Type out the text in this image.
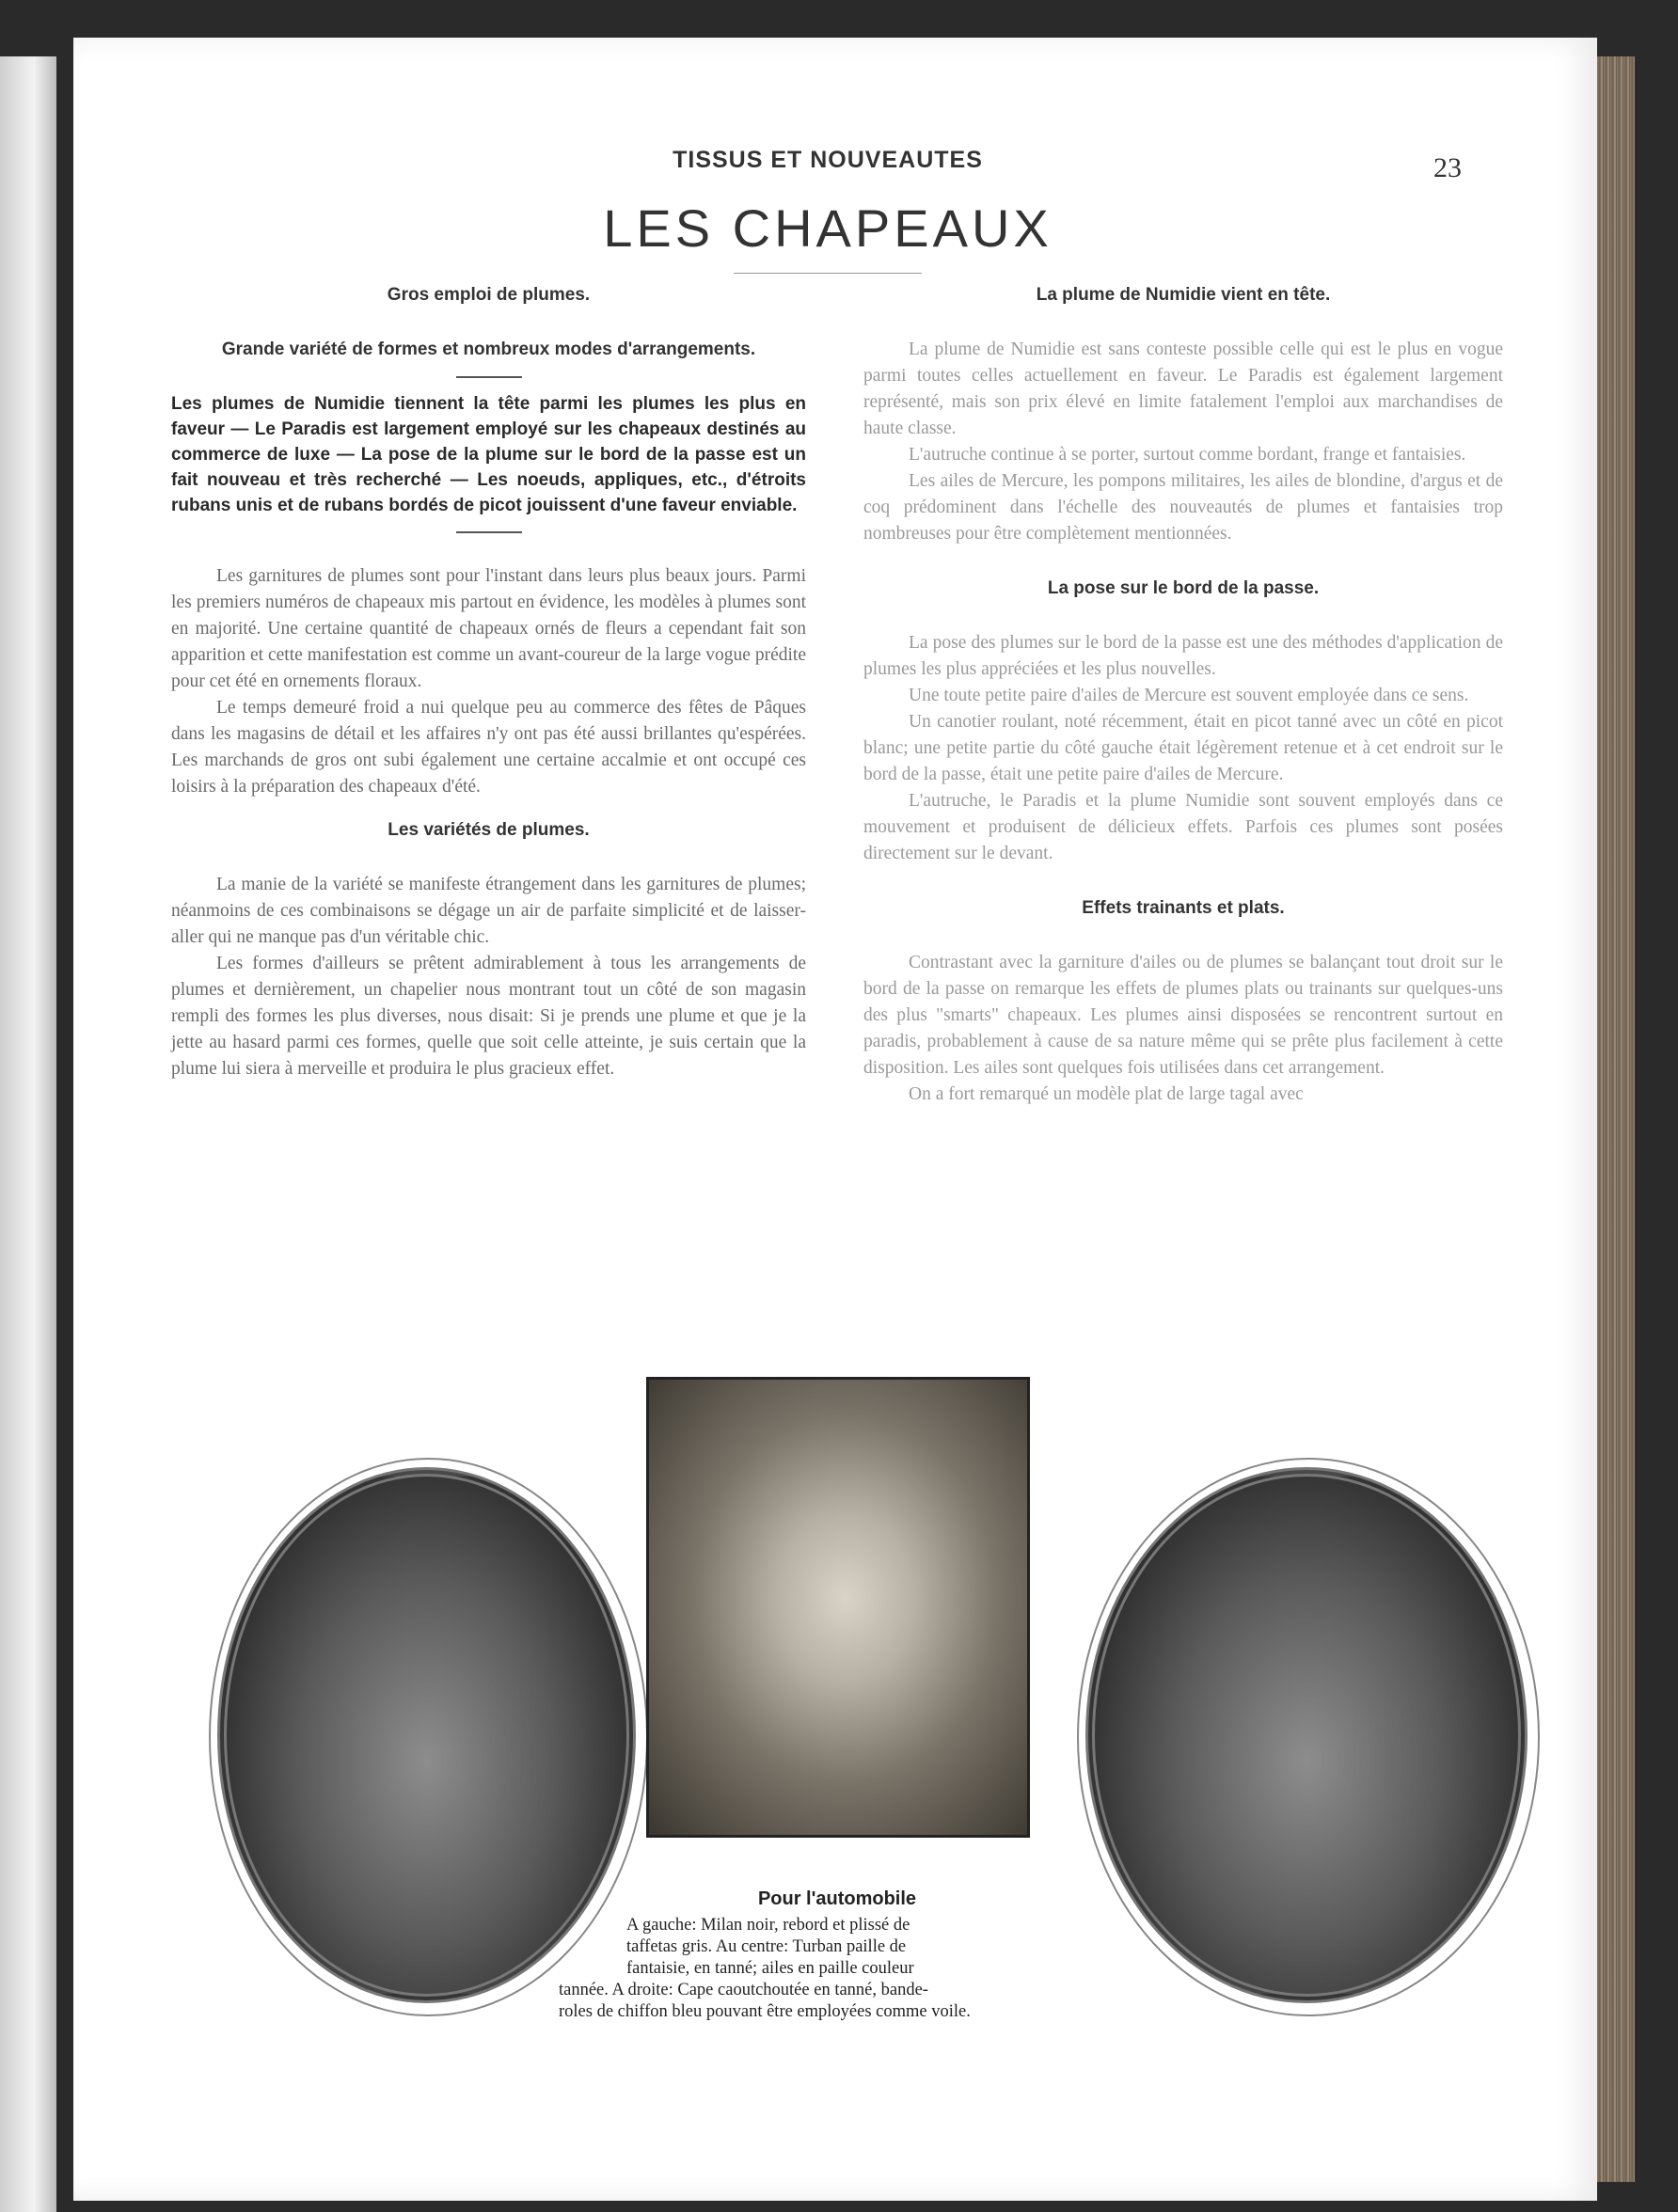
TISSUS ET NOUVEAUTES	23
LES CHAPEAUX

Gros emploi de plumes.

Grande variété de formes et nombreux modes d'arrangements.

Les plumes de Numidie tiennent la tête parmi les plumes les plus en faveur — Le Paradis est largement employé sur les chapeaux destinés au commerce de luxe — La pose de la plume sur le bord de la passe est un fait nouveau et très recherché — Les noeuds, appliques, etc., d'étroits rubans unis et de rubans bordés de picot jouissent d'une faveur enviable.

Les garnitures de plumes sont pour l'instant dans leurs plus beaux jours. Parmi les premiers numéros de chapeaux mis partout en évidence, les modèles à plumes sont en majorité. Une certaine quantité de chapeaux ornés de fleurs a cependant fait son apparition et cette manifestation est comme un avant-coureur de la large vogue prédite pour cet été en ornements floraux.

Le temps demeuré froid a nui quelque peu au commerce des fêtes de Pâques dans les magasins de détail et les affaires n'y ont pas été aussi brillantes qu'espérées. Les marchands de gros ont subi également une certaine accalmie et ont occupé ces loisirs à la préparation des chapeaux d'été.

Les variétés de plumes.

La manie de la variété se manifeste étrangement dans les garnitures de plumes; néanmoins de ces combinaisons se dégage un air de parfaite simplicité et de laisser-aller qui ne manque pas d'un véritable chic.

Les formes d'ailleurs se prêtent admirablement à tous les arrangements de plumes et dernièrement, un chapelier nous montrant tout un côté de son magasin rempli des formes les plus diverses, nous disait: Si je prends une plume et que je la jette au hasard parmi ces formes, quelle que soit celle atteinte, je suis certain que la plume lui siera à merveille et produira le plus gracieux effet.

La plume de Numidie vient en tête.

La plume de Numidie est sans conteste possible celle qui est le plus en vogue parmi toutes celles actuellement en faveur. Le Paradis est également largement représenté, mais son prix élevé en limite fatalement l'emploi aux marchandises de haute classe.

L'autruche continue à se porter, surtout comme bordant, frange et fantaisies.

Les ailes de Mercure, les pompons militaires, les ailes de blondine, d'argus et de coq prédominent dans l'échelle des nouveautés de plumes et fantaisies trop nombreuses pour être complètement mentionnées.

La pose sur le bord de la passe.

La pose des plumes sur le bord de la passe est une des méthodes d'application de plumes les plus appréciées et les plus nouvelles.

Une toute petite paire d'ailes de Mercure est souvent employée dans ce sens.

Un canotier roulant, noté récemment, était en picot tanné avec un côté en picot blanc; une petite partie du côté gauche était légèrement retenue et à cet endroit sur le bord de la passe, était une petite paire d'ailes de Mercure.

L'autruche, le Paradis et la plume Numidie sont souvent employés dans ce mouvement et produisent de délicieux effets. Parfois ces plumes sont posées directement sur le devant.

Effets trainants et plats.

Contrastant avec la garniture d'ailes ou de plumes se balançant tout droit sur le bord de la passe on remarque les effets de plumes plats ou trainants sur quelques-uns des plus "smarts" chapeaux. Les plumes ainsi disposées se rencontrent surtout en paradis, probablement à cause de sa nature même qui se prête plus facilement à cette disposition. Les ailes sont quelques fois utilisées dans cet arrangement.

On a fort remarqué un modèle plat de large tagal avec

Pour l'automobile
A gauche: Milan noir, rebord et plissé de
taffetas gris. Au centre: Turban paille de
fantaisie, en tanné; ailes en paille couleur
tannée. A droite: Cape caoutchoutée en tanné, bande-
roles de chiffon bleu pouvant être employées comme voile.
